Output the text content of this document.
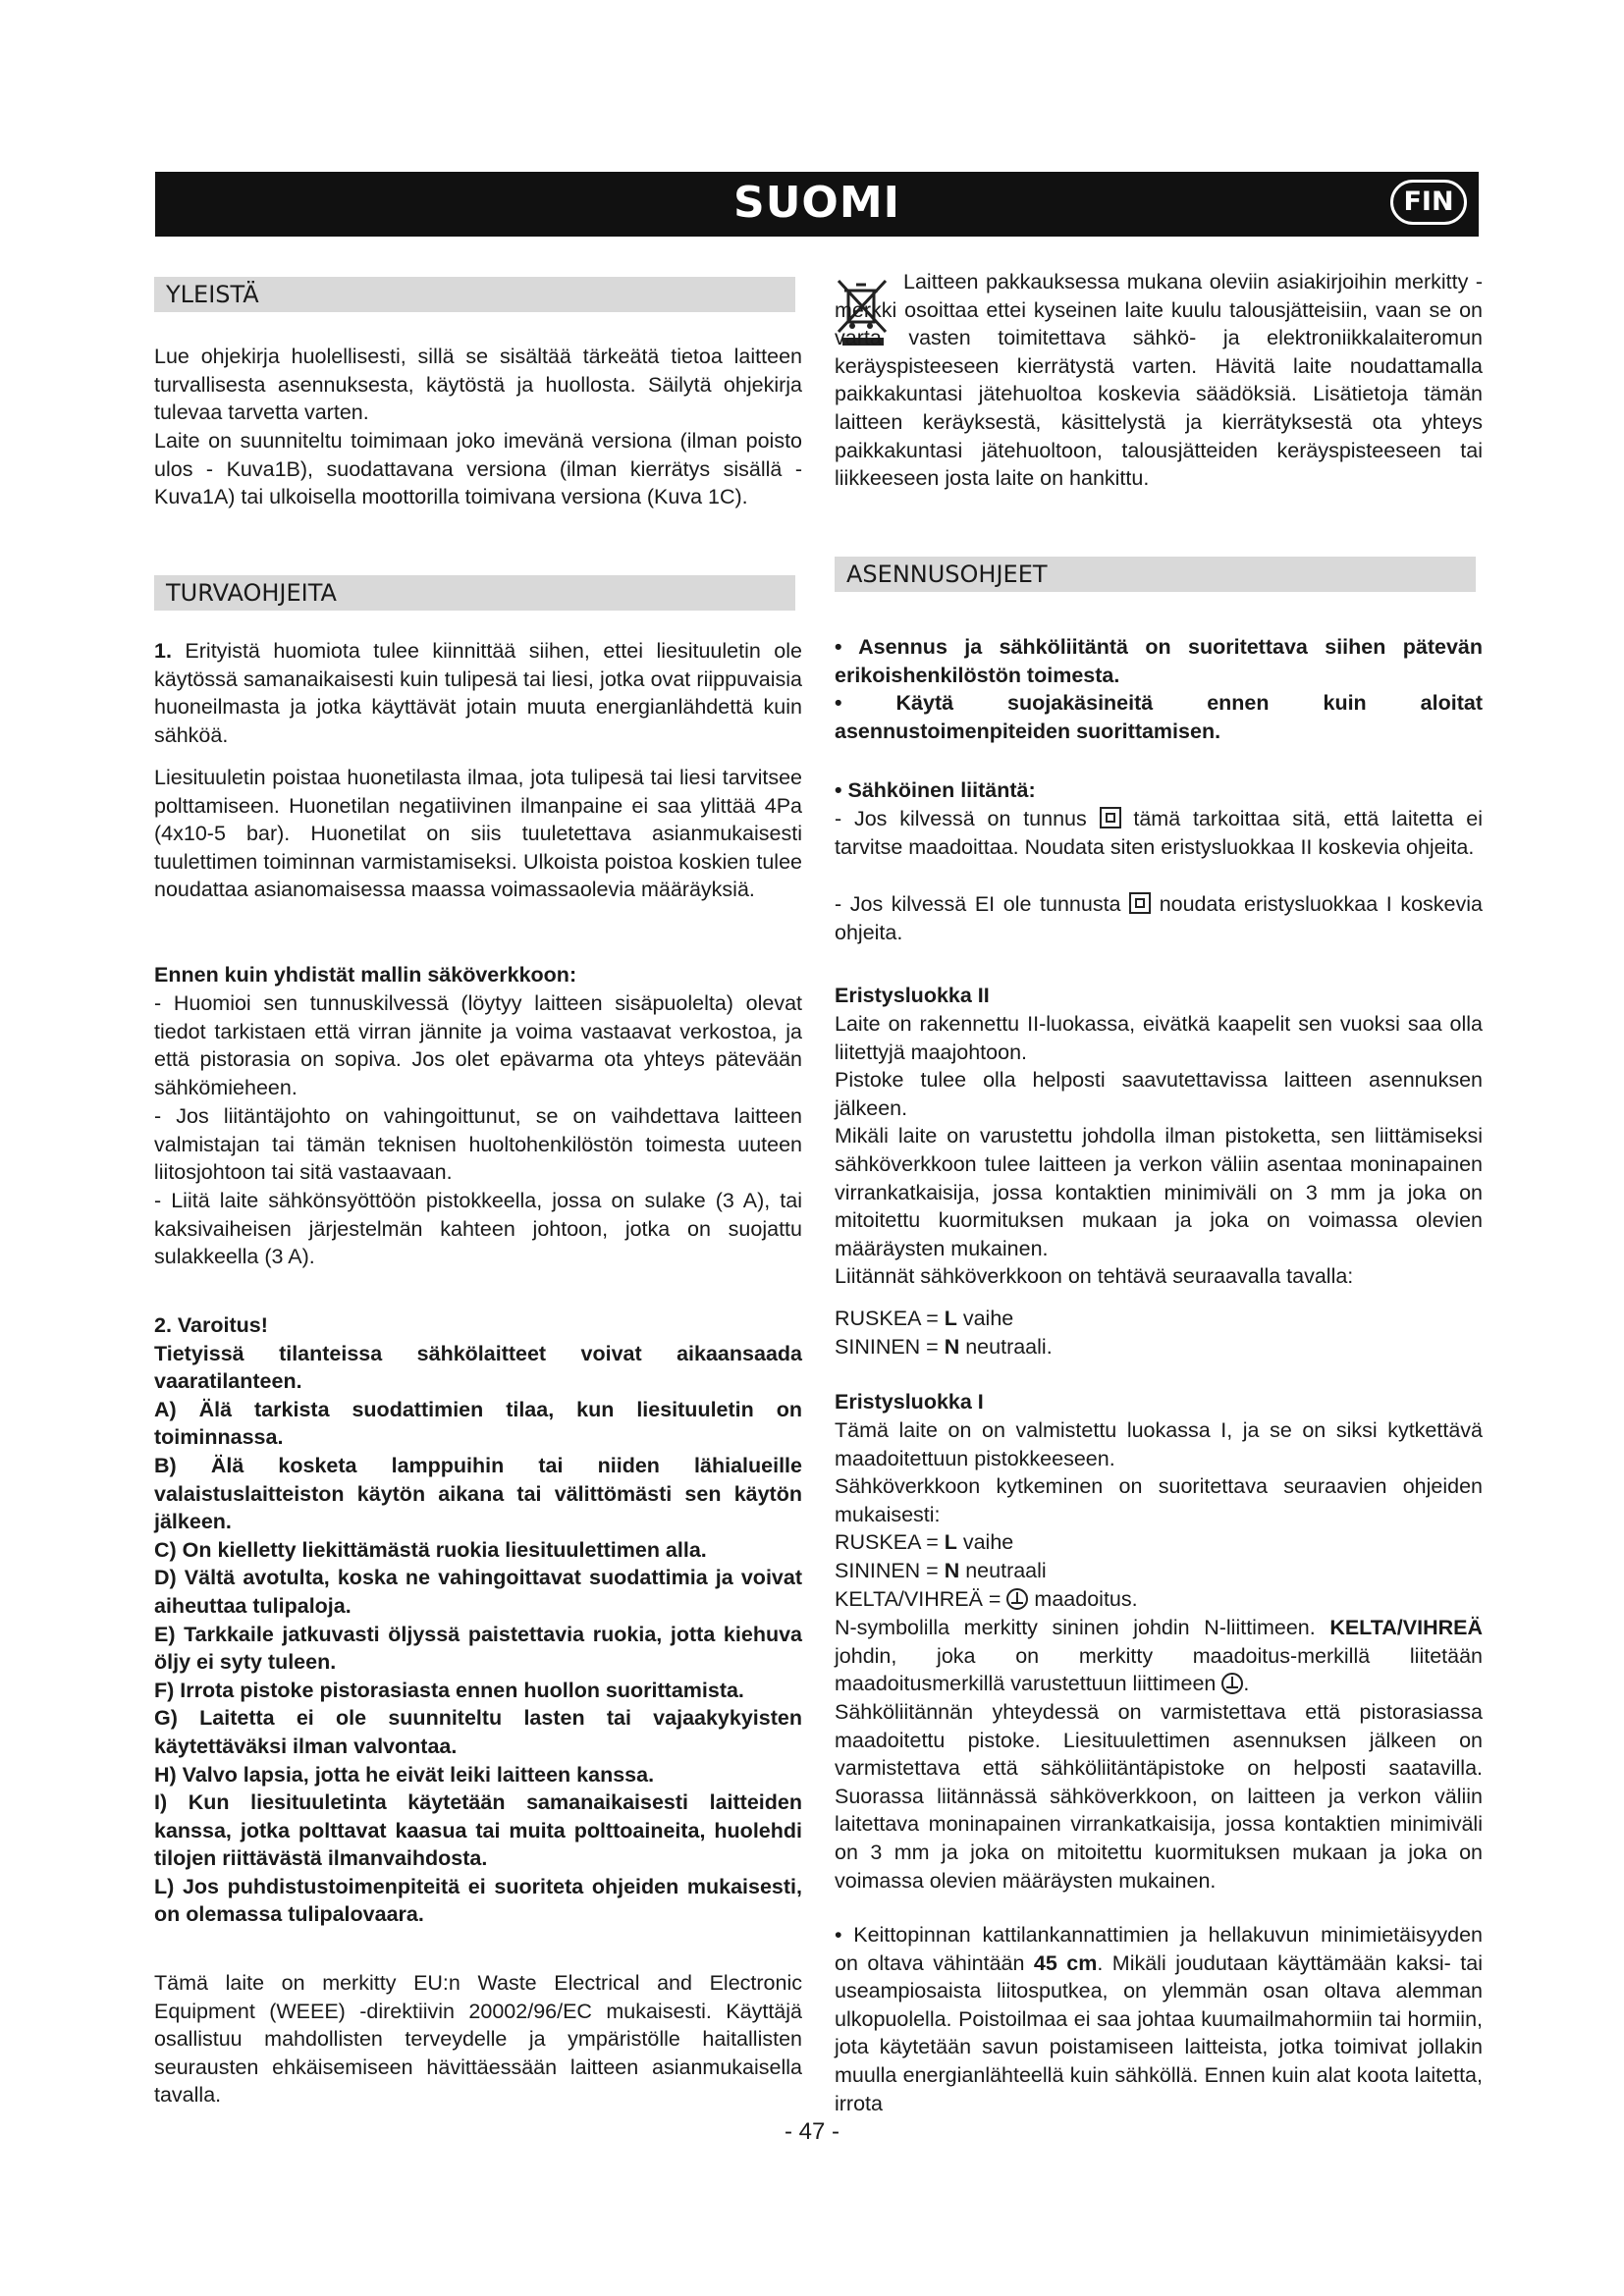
SUOMI	FIN
YLEISTÄ

Lue ohjekirja huolellisesti, sillä se sisältää tärkeätä tietoa laitteen turvallisesta asennuksesta, käytöstä ja huollosta. Säilytä ohjekirja tulevaa tarvetta varten.

Laite on suunniteltu toimimaan joko imevänä versiona (ilman poisto ulos - Kuva1B), suodattavana versiona (ilman kierrätys sisällä - Kuva1A) tai ulkoisella moottorilla toimivana versiona (Kuva 1C).

TURVAOHJEITA

1. Erityistä huomiota tulee kiinnittää siihen, ettei liesituuletin ole käytössä samanaikaisesti kuin tulipesä tai liesi, jotka ovat riippuvaisia huoneilmasta ja jotka käyttävät jotain muuta energianlähdettä kuin sähköä.

Liesituuletin poistaa huonetilasta ilmaa, jota tulipesä tai liesi tarvitsee polttamiseen. Huonetilan negatiivinen ilmanpaine ei saa ylittää 4Pa (4x10-5 bar). Huonetilat on siis tuuletettava asianmukaisesti tuulettimen toiminnan varmistamiseksi. Ulkoista poistoa koskien tulee noudattaa asianomaisessa maassa voimassaolevia määräyksiä.

Ennen kuin yhdistät mallin säköverkkoon:

- Huomioi sen tunnuskilvessä (löytyy laitteen sisäpuolelta) olevat tiedot tarkistaen että virran jännite ja voima vastaavat verkostoa, ja että pistorasia on sopiva. Jos olet epävarma ota yhteys pätevään sähkömieheen.

- Jos liitäntäjohto on vahingoittunut, se on vaihdettava laitteen valmistajan tai tämän teknisen huoltohenkilöstön toimesta uuteen liitosjohtoon tai sitä vastaavaan.

- Liitä laite sähkönsyöttöön pistokkeella, jossa on sulake (3 A), tai kaksivaiheisen järjestelmän kahteen johtoon, jotka on suojattu sulakkeella (3 A).

2. Varoitus!
Tietyissä tilanteissa sähkölaitteet voivat aikaansaada vaaratilanteen.
A) Älä tarkista suodattimien tilaa, kun liesituuletin on toiminnassa.
B) Älä kosketa lamppuihin tai niiden lähialueille valaistuslaitteiston käytön aikana tai välittömästi sen käytön jälkeen.
C) On kielletty liekittämästä ruokia liesituulettimen alla.
D) Vältä avotulta, koska ne vahingoittavat suodattimia ja voivat aiheuttaa tulipaloja.
E) Tarkkaile jatkuvasti öljyssä paistettavia ruokia, jotta kiehuva öljy ei syty tuleen.
F) Irrota pistoke pistorasiasta ennen huollon suorittamista.
G) Laitetta ei ole suunniteltu lasten tai vajaakykyisten käytettäväksi ilman valvontaa.
H) Valvo lapsia, jotta he eivät leiki laitteen kanssa.
I) Kun liesituuletinta käytetään samanaikaisesti laitteiden kanssa, jotka polttavat kaasua tai muita polttoaineita, huolehdi tilojen riittävästä ilmanvaihdosta.
L) Jos puhdistustoimenpiteitä ei suoriteta ohjeiden mukaisesti, on olemassa tulipalovaara.

Tämä laite on merkitty EU:n Waste Electrical and Electronic Equipment (WEEE) -direktiivin 20002/96/EC mukaisesti. Käyttäjä osallistuu mahdollisten terveydelle ja ympäristölle haitallisten seurausten ehkäisemiseen hävittäessään laitteen asianmukaisella tavalla.

Laitteen pakkauksessa mukana oleviin asiakirjoihin merkitty -merkki osoittaa ettei kyseinen laite kuulu talousjätteisiin, vaan se on varta vasten toimitettava sähkö- ja elektroniikkalaiteromun keräyspisteeseen kierrätystä varten. Hävitä laite noudattamalla paikkakuntasi jätehuoltoa koskevia säädöksiä. Lisätietoja tämän laitteen keräyksestä, käsittelystä ja kierrätyksestä ota yhteys paikkakuntasi jätehuoltoon, talousjätteiden keräyspisteeseen tai liikkeeseen josta laite on hankittu.

ASENNUSOHJEET

• Asennus ja sähköliitäntä on suoritettava siihen pätevän erikoishenkilöstön toimesta.

• Käytä suojakäsineitä ennen kuin aloitat asennustoimenpiteiden suorittamisen.

• Sähköinen liitäntä:

- Jos kilvessä on tunnus  tämä tarkoittaa sitä, että laitetta ei tarvitse maadoittaa. Noudata siten eristysluokkaa II koskevia ohjeita.

- Jos kilvessä EI ole tunnusta  noudata eristysluokkaa I koskevia ohjeita.

Eristysluokka II

Laite on rakennettu II-luokassa, eivätkä kaapelit sen vuoksi saa olla liitettyjä maajohtoon.
Pistoke tulee olla helposti saavutettavissa laitteen asennuksen jälkeen.
Mikäli laite on varustettu johdolla ilman pistoketta, sen liittämiseksi sähköverkkoon tulee laitteen ja verkon väliin asentaa moninapainen virrankatkaisija, jossa kontaktien minimiväli on 3 mm ja joka on mitoitettu kuormituksen mukaan ja joka on voimassa olevien määräysten mukainen.
Liitännät sähköverkkoon on tehtävä seuraavalla tavalla:

RUSKEA = L vaihe

SININEN = N neutraali.

Eristysluokka I

Tämä laite on on valmistettu luokassa I, ja se on siksi kytkettävä maadoitettuun pistokkeeseen.
Sähköverkkoon kytkeminen on suoritettava seuraavien ohjeiden mukaisesti:

RUSKEA = L vaihe

SININEN = N neutraali

KELTA/VIHREÄ =  maadoitus.

N-symbolilla merkitty sininen johdin N-liittimeen. KELTA/VIHREÄ johdin, joka on merkitty maadoitus-merkillä liitetään maadoitusmerkillä varustettuun liittimeen .

Sähköliitännän yhteydessä on varmistettava että pistorasiassa maadoitettu pistoke. Liesituulettimen asennuksen jälkeen on varmistettava että sähköliitäntäpistoke on helposti saatavilla. Suorassa liitännässä sähköverkkoon, on laitteen ja verkon väliin laitettava moninapainen virrankatkaisija, jossa kontaktien minimiväli on 3 mm ja joka on mitoitettu kuormituksen mukaan ja joka on voimassa olevien määräysten mukainen.

• Keittopinnan kattilankannattimien ja hellakuvun minimietäisyyden on oltava vähintään 45 cm. Mikäli joudutaan käyttämään kaksi- tai useampiosaista liitosputkea, on ylemmän osan oltava alemman ulkopuolella. Poistoilmaa ei saa johtaa kuumailmahormiin tai hormiin, jota käytetään savun poistamiseen laitteista, jotka toimivat jollakin muulla energianlähteellä kuin sähköllä. Ennen kuin alat koota laitetta, irrota

- 47 -
